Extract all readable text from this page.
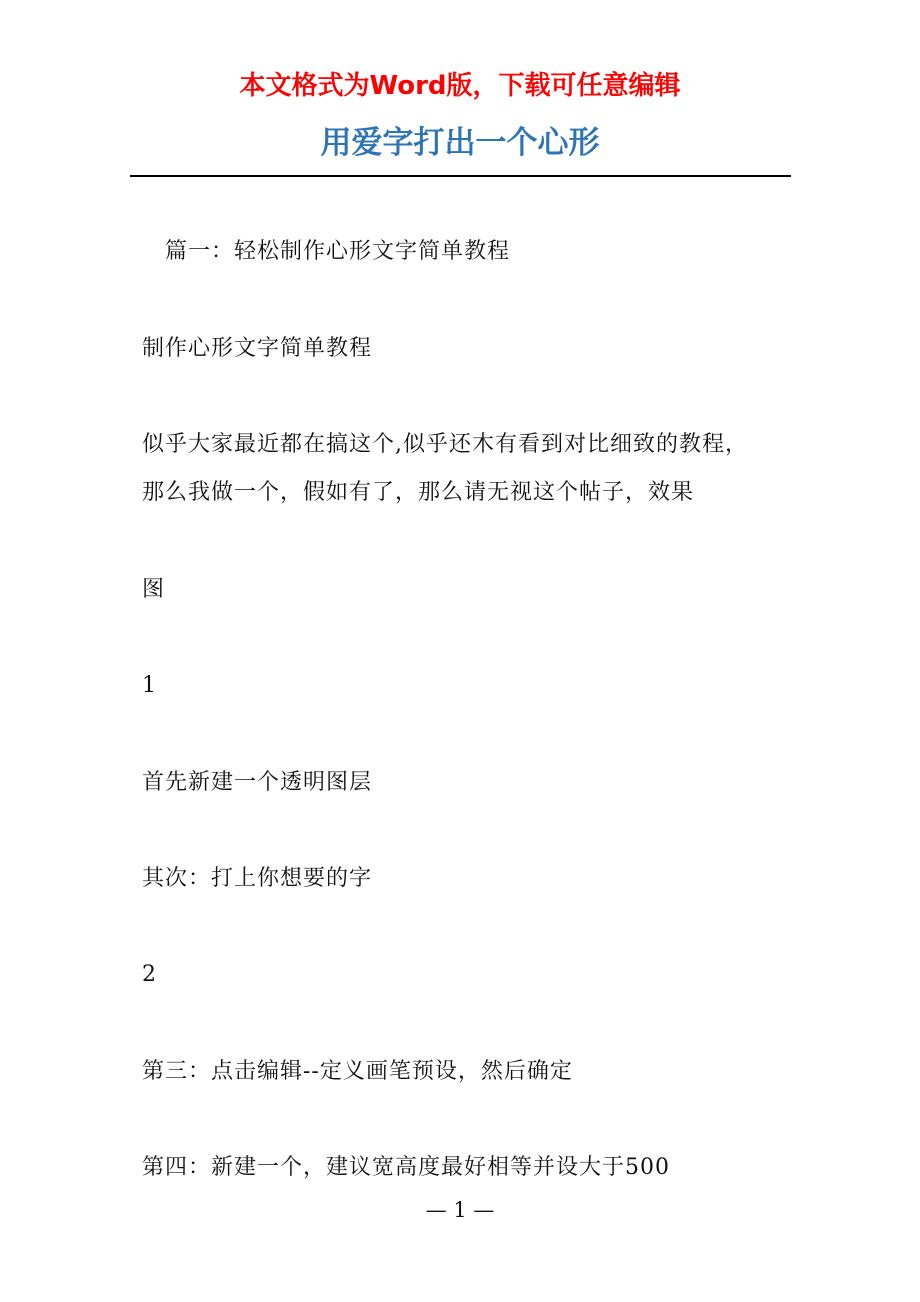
本文格式为Word版，下载可任意编辑
用爱字打出一个心形
篇一：轻松制作心形文字简单教程
制作心形文字简单教程
似乎大家最近都在搞这个,似乎还木有看到对比细致的教程，
那么我做一个，假如有了，那么请无视这个帖子，效果
图
1
首先新建一个透明图层
其次：打上你想要的字
2
第三：点击编辑--定义画笔预设，然后确定
第四：新建一个，建议宽高度最好相等并设大于500
— 1 —
